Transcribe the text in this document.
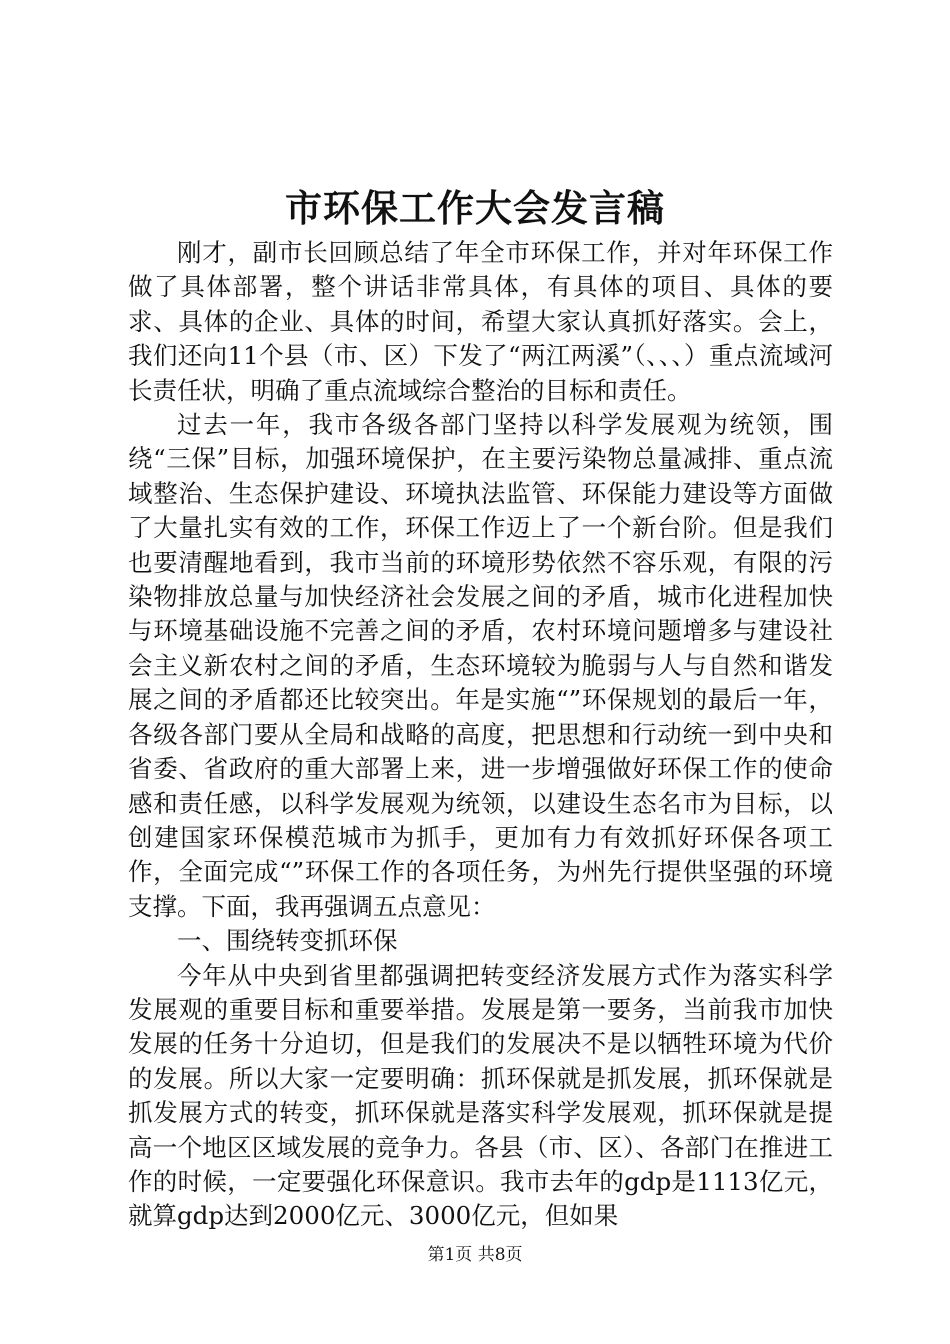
市环保工作大会发言稿

刚才，副市长回顾总结了年全市环保工作，并对年环保工作做了具体部署，整个讲话非常具体，有具体的项目、具体的要求、具体的企业、具体的时间，希望大家认真抓好落实。会上，我们还向11个县（市、区）下发了“两江两溪”（、、、）重点流域河长责任状，明确了重点流域综合整治的目标和责任。

过去一年，我市各级各部门坚持以科学发展观为统领，围绕“三保”目标，加强环境保护，在主要污染物总量减排、重点流域整治、生态保护建设、环境执法监管、环保能力建设等方面做了大量扎实有效的工作，环保工作迈上了一个新台阶。但是我们也要清醒地看到，我市当前的环境形势依然不容乐观，有限的污染物排放总量与加快经济社会发展之间的矛盾，城市化进程加快与环境基础设施不完善之间的矛盾，农村环境问题增多与建设社会主义新农村之间的矛盾，生态环境较为脆弱与人与自然和谐发展之间的矛盾都还比较突出。年是实施“”环保规划的最后一年，各级各部门要从全局和战略的高度，把思想和行动统一到中央和省委、省政府的重大部署上来，进一步增强做好环保工作的使命感和责任感，以科学发展观为统领，以建设生态名市为目标，以创建国家环保模范城市为抓手，更加有力有效抓好环保各项工作，全面完成“”环保工作的各项任务，为州先行提供坚强的环境支撑。下面，我再强调五点意见：

一、围绕转变抓环保

今年从中央到省里都强调把转变经济发展方式作为落实科学发展观的重要目标和重要举措。发展是第一要务，当前我市加快发展的任务十分迫切，但是我们的发展决不是以牺牲环境为代价的发展。所以大家一定要明确：抓环保就是抓发展，抓环保就是抓发展方式的转变，抓环保就是落实科学发展观，抓环保就是提高一个地区区域发展的竞争力。各县（市、区）、各部门在推进工作的时候，一定要强化环保意识。我市去年的gdp是1113亿元，就算gdp达到2000亿元、3000亿元，但如果

第1页 共8页
